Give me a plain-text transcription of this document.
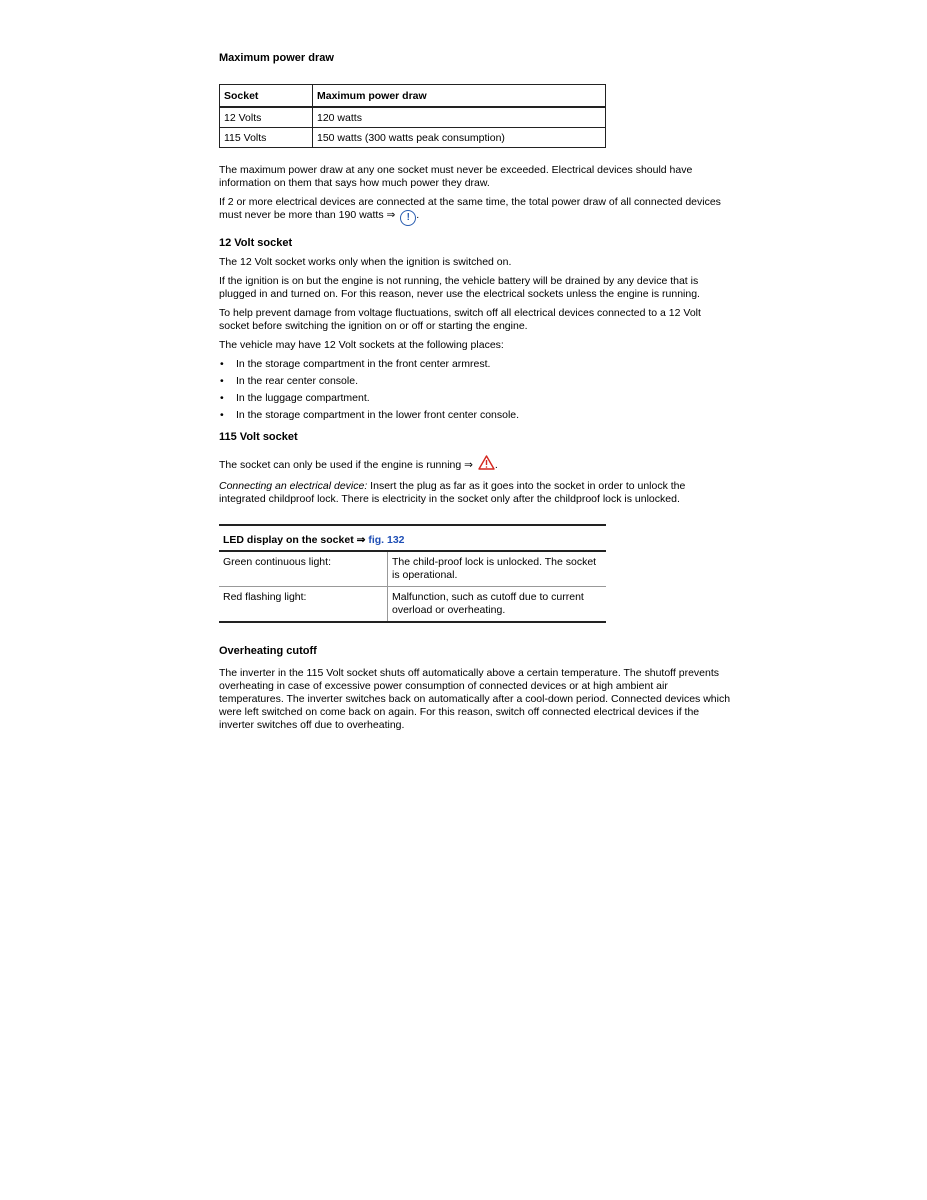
Maximum power draw
Socket	Maximum power draw
12 Volts	120 watts
115 Volts	150 watts (300 watts peak consumption)

The maximum power draw at any one socket must never be exceeded. Electrical devices should have information on them that says how much power they draw.

If 2 or more electrical devices are connected at the same time, the total power draw of all connected devices must never be more than 190 watts ⇒ ! .

12 Volt socket

The 12 Volt socket works only when the ignition is switched on.

If the ignition is on but the engine is not running, the vehicle battery will be drained by any device that is plugged in and turned on. For this reason, never use the electrical sockets unless the engine is running.

To help prevent damage from voltage fluctuations, switch off all electrical devices connected to a 12 Volt socket before switching the ignition on or off or starting the engine.

The vehicle may have 12 Volt sockets at the following places:

• In the storage compartment in the front center armrest.
• In the rear center console.
• In the luggage compartment.
• In the storage compartment in the lower front center console.
115 Volt socket

The socket can only be used if the engine is running ⇒ .

Connecting an electrical device: Insert the plug as far as it goes into the socket in order to unlock the integrated childproof lock. There is electricity in the socket only after the childproof lock is unlocked.

LED display on the socket ⇒ fig. 132
Green continuous light:	The child-proof lock is unlocked. The socket is operational.
Red flashing light:	Malfunction, such as cutoff due to current overload or overheating.
Overheating cutoff

The inverter in the 115 Volt socket shuts off automatically above a certain temperature. The shutoff prevents overheating in case of excessive power consumption of connected devices or at high ambient air temperatures. The inverter switches back on automatically after a cool-down period. Connected devices which were left switched on come back on again. For this reason, switch off connected electrical devices if the inverter switches off due to overheating.
